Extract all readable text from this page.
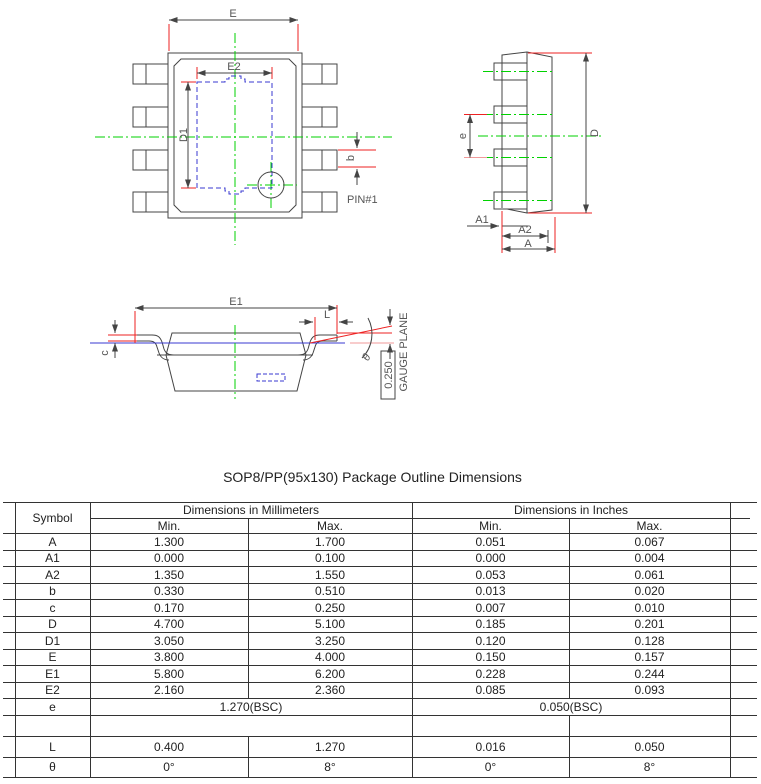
E
E2
D1
b
PIN#1
e	D
A1
A2
A
E1
L
c	θ
0.250 GAUGE PLANE
SOP8/PP(95x130) Package Outline Dimensions
Symbol
Dimensions in Millimeters	Dimensions in Inches
Min.	Max.	Min.	Max.
A	1.300	1.700	0.051	0.067
A1	0.000	0.100	0.000	0.004
A2	1.350	1.550	0.053	0.061
b	0.330	0.510	0.013	0.020
c	0.170	0.250	0.007	0.010
D	4.700	5.100	0.185	0.201
D1	3.050	3.250	0.120	0.128
E	3.800	4.000	0.150	0.157
E1	5.800	6.200	0.228	0.244
E2	2.160	2.360	0.085	0.093
e	1.270(BSC)	0.050(BSC)
L	0.400	1.270	0.016	0.050
θ	0°	8°	0°	8°
